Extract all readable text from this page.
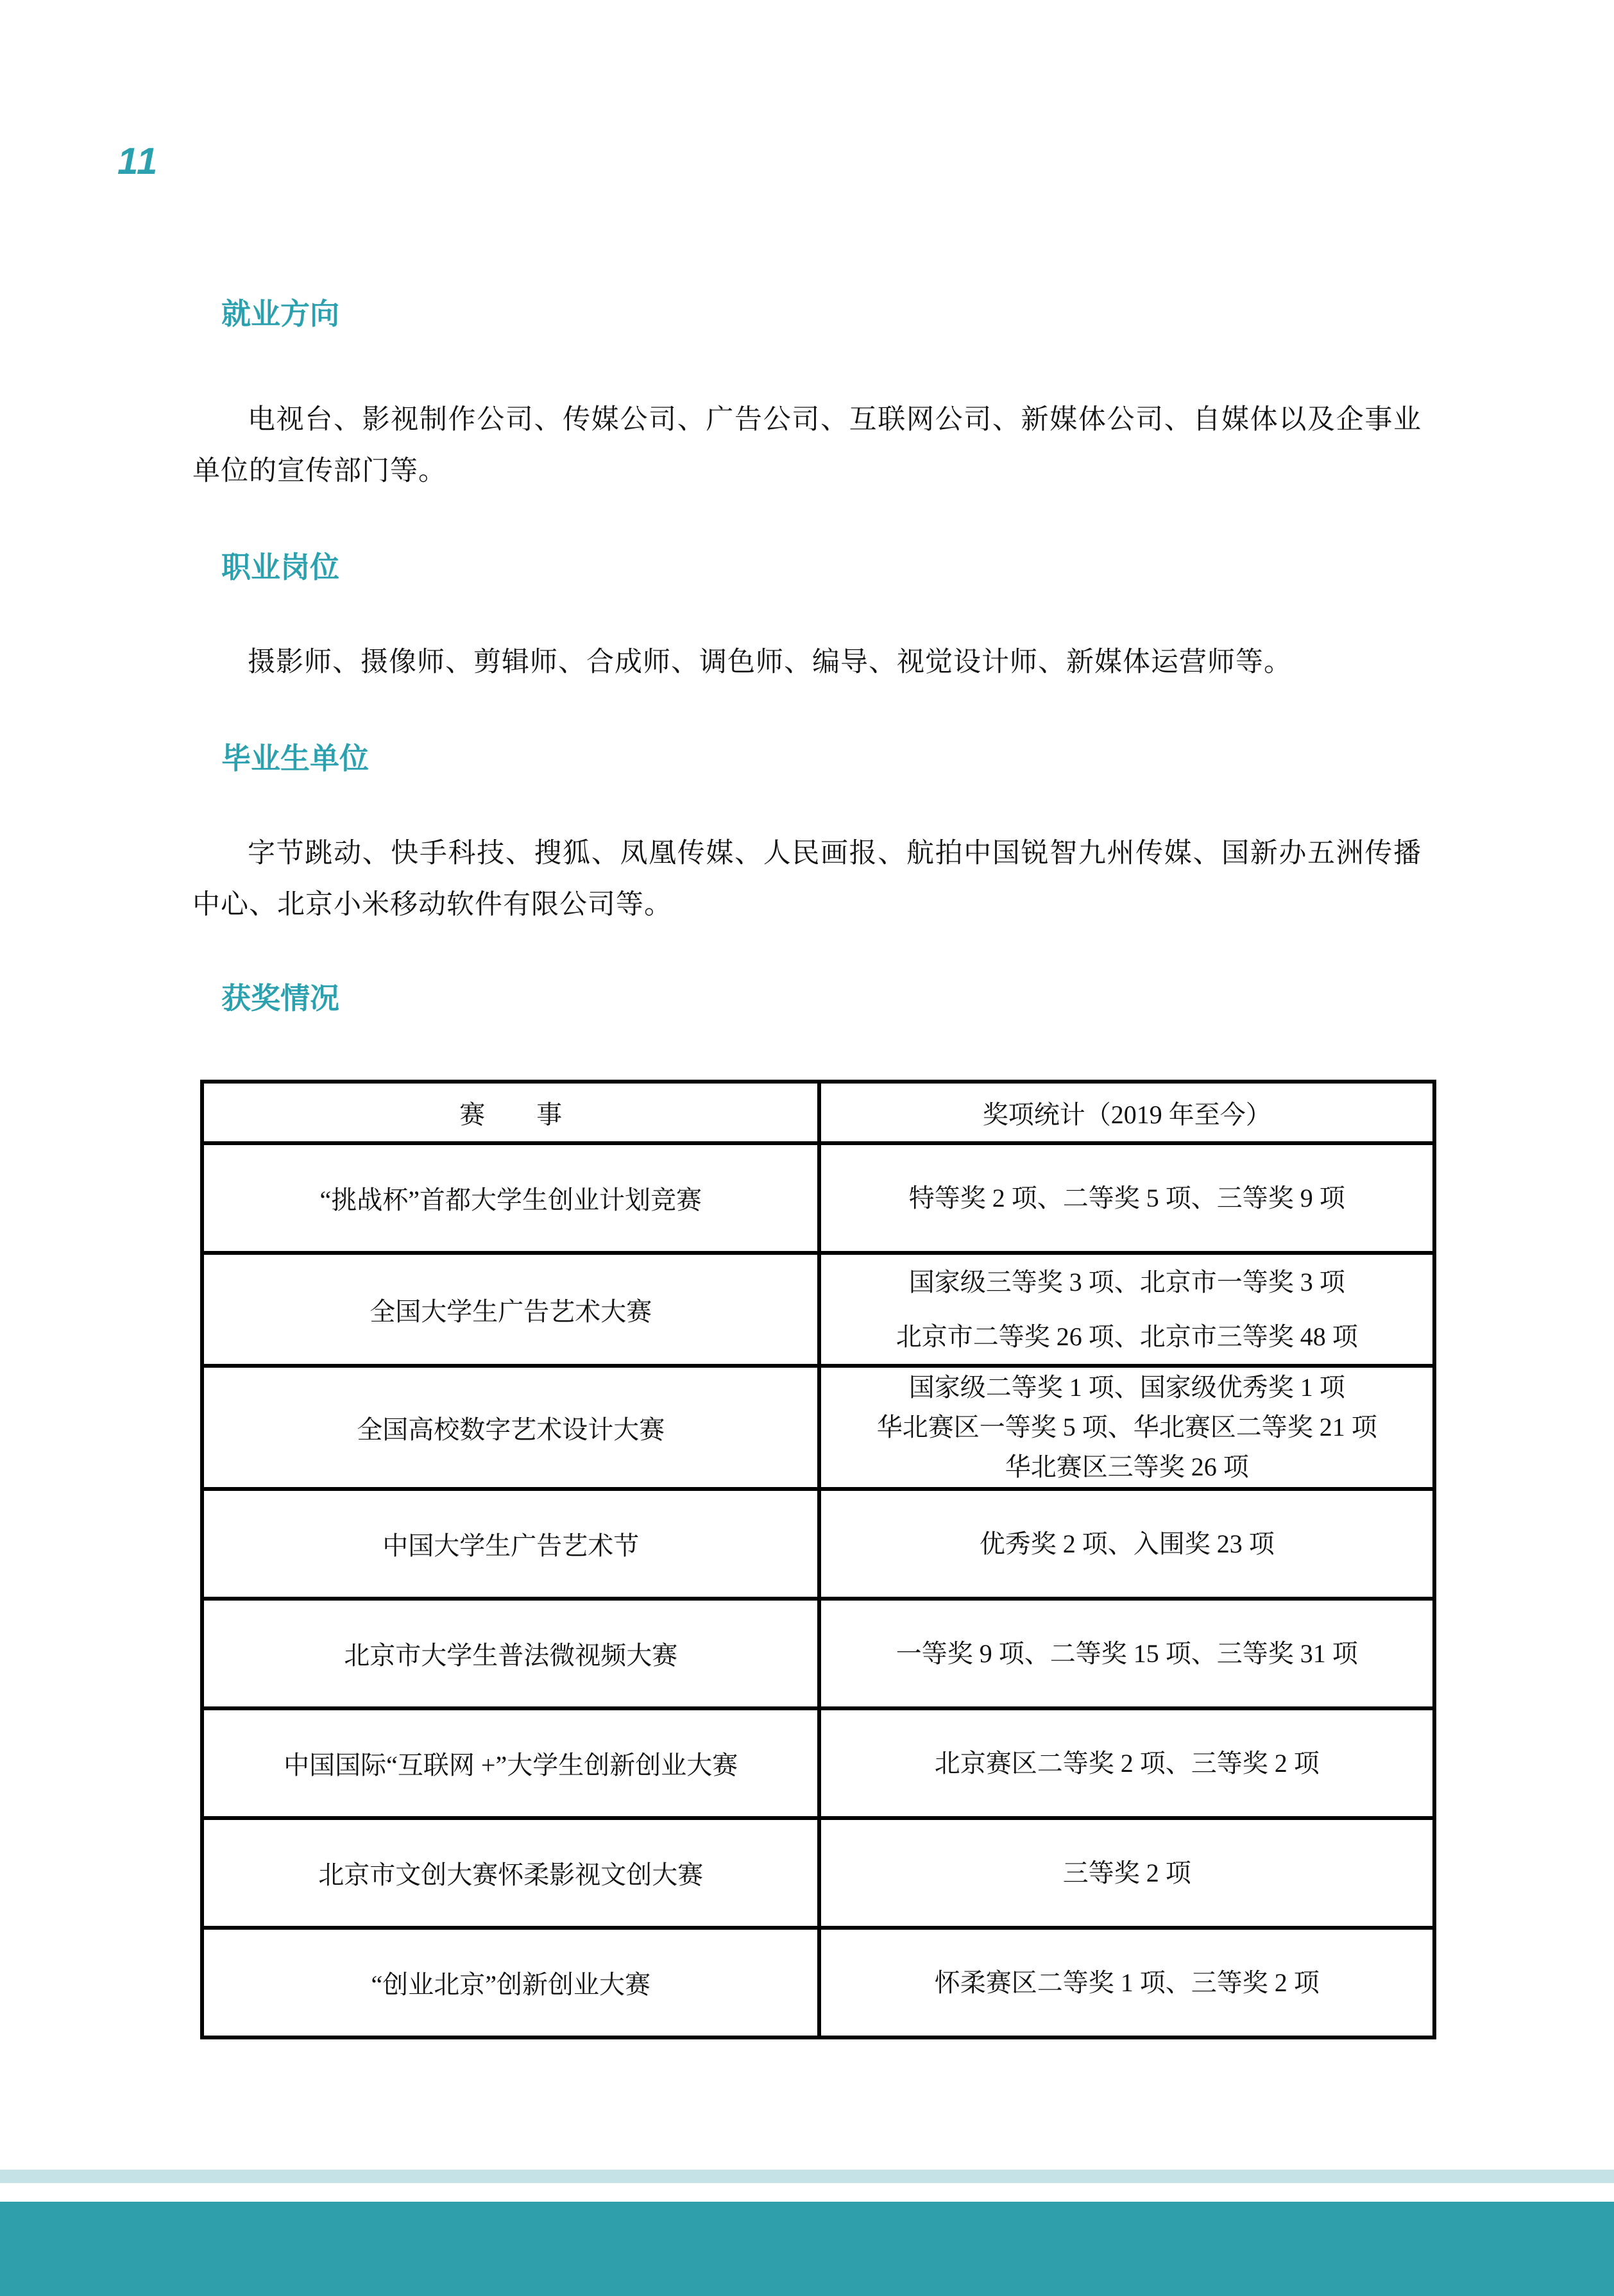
11
就业方向

电视台、影视制作公司、传媒公司、广告公司、互联网公司、新媒体公司、自媒体以及企事业单位的宣传部门等。

职业岗位

摄影师、摄像师、剪辑师、合成师、调色师、编导、视觉设计师、新媒体运营师等。

毕业生单位

字节跳动、快手科技、搜狐、凤凰传媒、人民画报、航拍中国锐智九州传媒、国新办五洲传播中心、北京小米移动软件有限公司等。

获奖情况
赛　　事	奖项统计（2019 年至今）
“挑战杯”首都大学生创业计划竞赛	特等奖 2 项、二等奖 5 项、三等奖 9 项

全国大学生广告艺术大赛	国家级三等奖 3 项、北京市一等奖 3 项
北京市二等奖 26 项、北京市三等奖 48 项

全国高校数字艺术设计大赛	国家级二等奖 1 项、国家级优秀奖 1 项
华北赛区一等奖 5 项、华北赛区二等奖 21 项
华北赛区三等奖 26 项

中国大学生广告艺术节	优秀奖 2 项、入围奖 23 项

北京市大学生普法微视频大赛	一等奖 9 项、二等奖 15 项、三等奖 31 项

中国国际“互联网 +”大学生创新创业大赛	北京赛区二等奖 2 项、三等奖 2 项

北京市文创大赛怀柔影视文创大赛	三等奖 2 项

“创业北京”创新创业大赛	怀柔赛区二等奖 1 项、三等奖 2 项
